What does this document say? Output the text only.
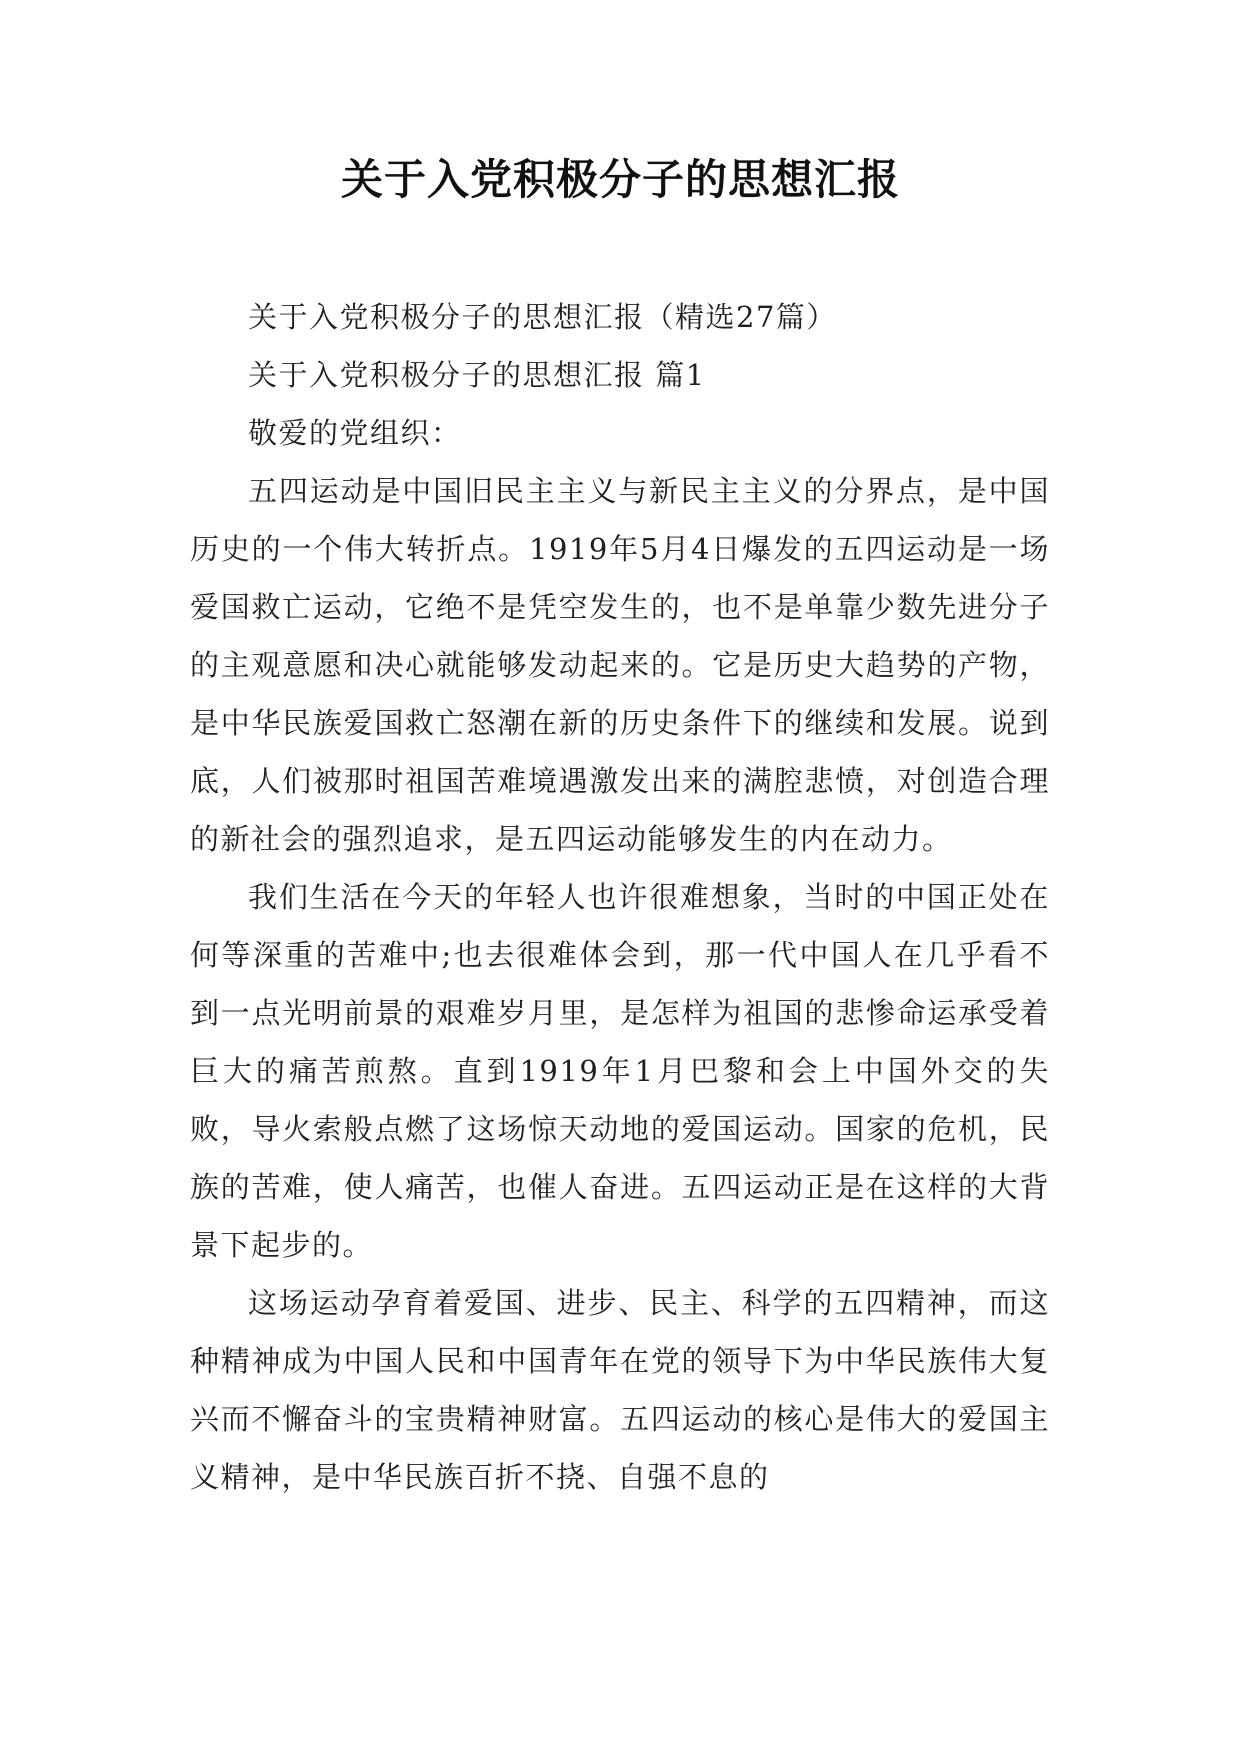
关于入党积极分子的思想汇报

关于入党积极分子的思想汇报（精选27篇）

关于入党积极分子的思想汇报 篇1

敬爱的党组织：

五四运动是中国旧民主主义与新民主主义的分界点，是中国历史的一个伟大转折点。1919年5月4日爆发的五四运动是一场爱国救亡运动，它绝不是凭空发生的，也不是单靠少数先进分子的主观意愿和决心就能够发动起来的。它是历史大趋势的产物，是中华民族爱国救亡怒潮在新的历史条件下的继续和发展。说到底，人们被那时祖国苦难境遇激发出来的满腔悲愤，对创造合理的新社会的强烈追求，是五四运动能够发生的内在动力。

我们生活在今天的年轻人也许很难想象，当时的中国正处在何等深重的苦难中;也去很难体会到，那一代中国人在几乎看不到一点光明前景的艰难岁月里，是怎样为祖国的悲惨命运承受着巨大的痛苦煎熬。直到1919年1月巴黎和会上中国外交的失败，导火索般点燃了这场惊天动地的爱国运动。国家的危机，民族的苦难，使人痛苦，也催人奋进。五四运动正是在这样的大背景下起步的。

这场运动孕育着爱国、进步、民主、科学的五四精神，而这种精神成为中国人民和中国青年在党的领导下为中华民族伟大复兴而不懈奋斗的宝贵精神财富。五四运动的核心是伟大的爱国主义精神，是中华民族百折不挠、自强不息的
